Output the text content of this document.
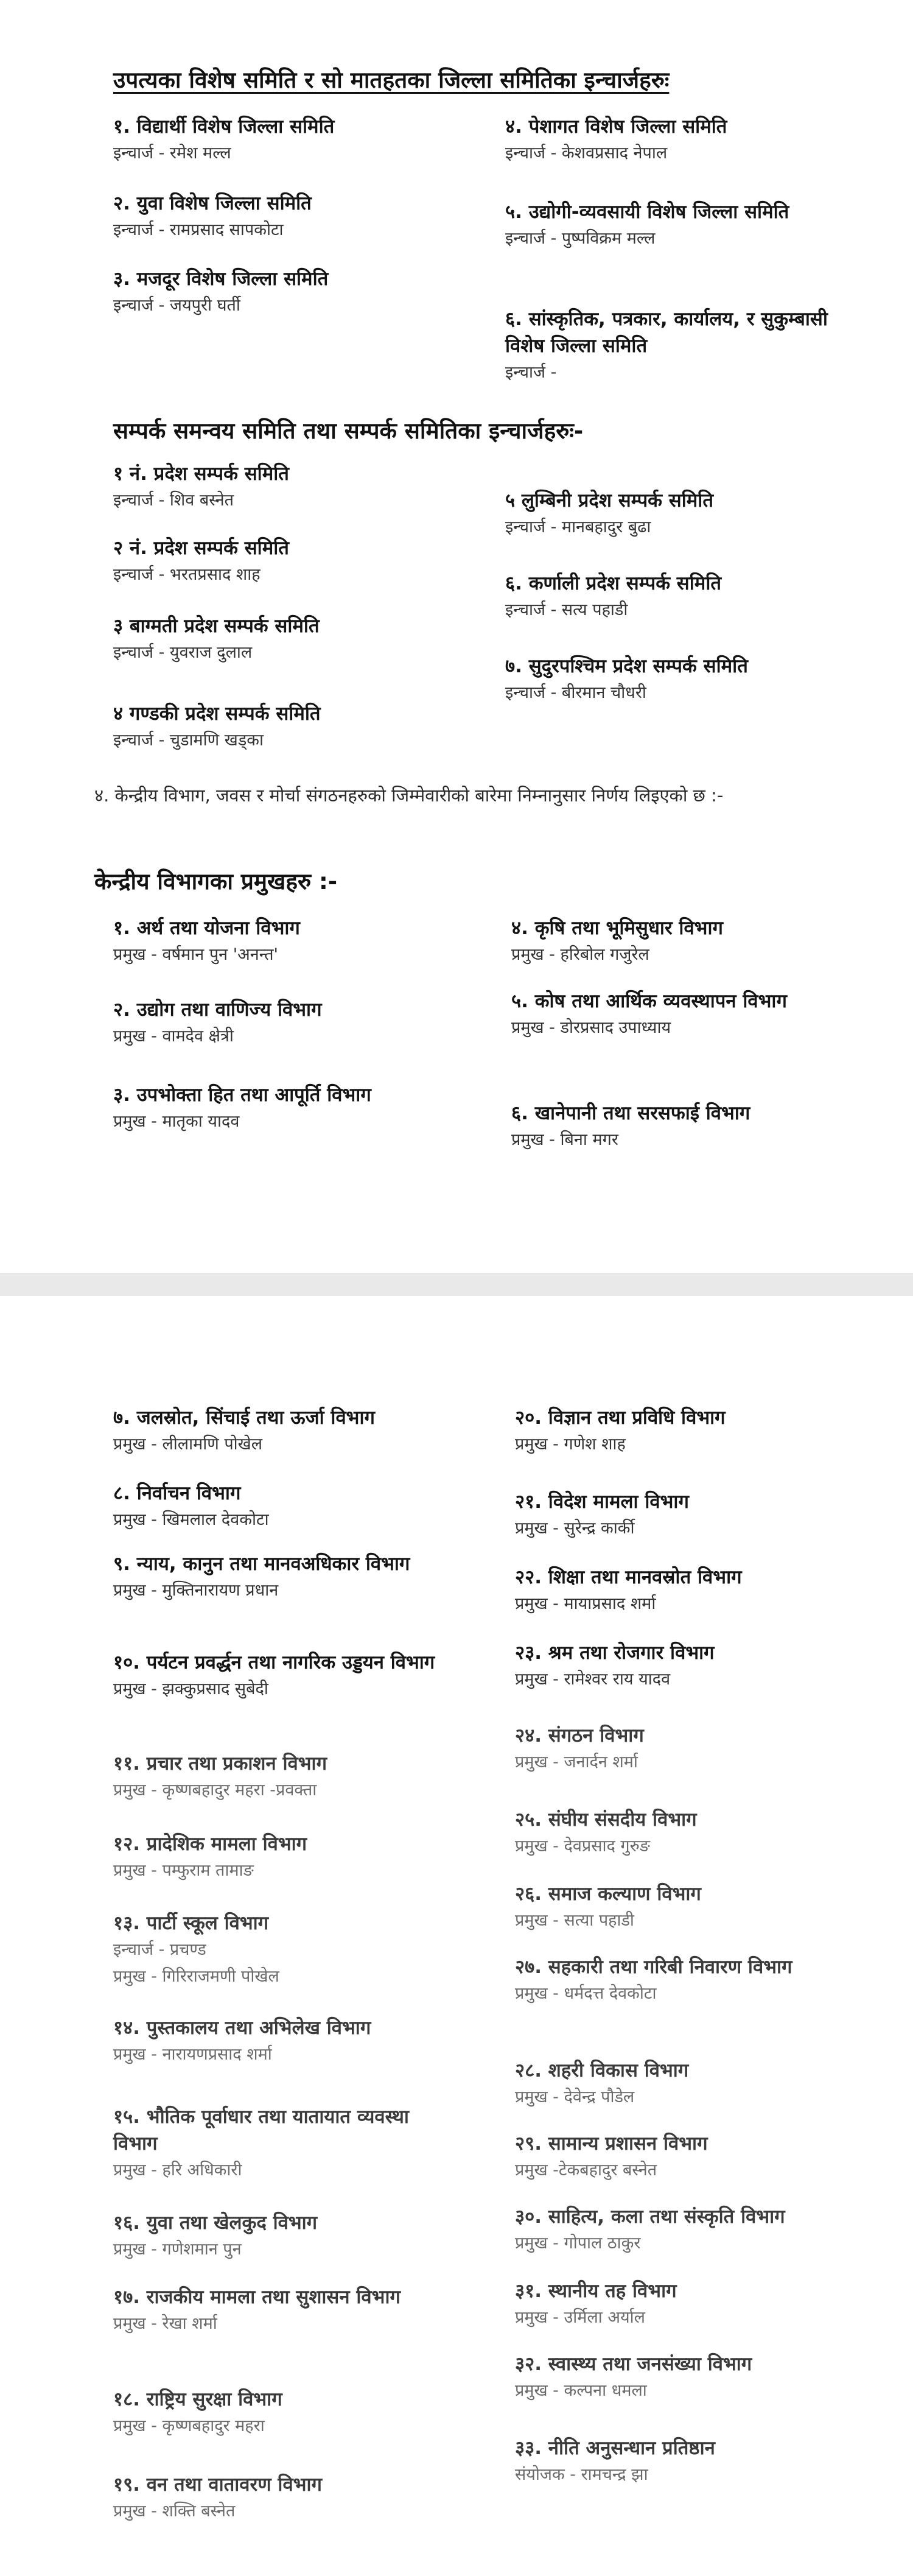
उपत्यका विशेष समिति र सो मातहतका जिल्ला समितिका इन्चार्जहरुः
१. विद्यार्थी विशेष जिल्ला समिति
इन्चार्ज - रमेश मल्ल
२. युवा विशेष जिल्ला समिति
इन्चार्ज - रामप्रसाद सापकोटा
३. मजदूर विशेष जिल्ला समिति
इन्चार्ज - जयपुरी घर्ती
४. पेशागत विशेष जिल्ला समिति
इन्चार्ज - केशवप्रसाद नेपाल
५. उद्योगी-व्यवसायी विशेष जिल्ला समिति
इन्चार्ज - पुष्पविक्रम मल्ल
६. सांस्कृतिक, पत्रकार, कार्यालय, र सुकुम्बासी विशेष जिल्ला समिति
इन्चार्ज -
सम्पर्क समन्वय समिति तथा सम्पर्क समितिका इन्चार्जहरुः-
१ नं. प्रदेश सम्पर्क समिति
इन्चार्ज - शिव बस्नेत
२ नं. प्रदेश सम्पर्क समिति
इन्चार्ज - भरतप्रसाद शाह
३ बाग्मती प्रदेश सम्पर्क समिति
इन्चार्ज - युवराज दुलाल
४ गण्डकी प्रदेश सम्पर्क समिति
इन्चार्ज - चुडामणि खड्का
५ लुम्बिनी प्रदेश सम्पर्क समिति
इन्चार्ज - मानबहादुर बुढा
६. कर्णाली प्रदेश सम्पर्क समिति
इन्चार्ज - सत्य पहाडी
७. सुदुरपश्चिम प्रदेश सम्पर्क समिति
इन्चार्ज - बीरमान चौधरी
४. केन्द्रीय विभाग, जवस र मोर्चा संगठनहरुको जिम्मेवारीको बारेमा निम्नानुसार निर्णय लिइएको छ :-
केन्द्रीय विभागका प्रमुखहरु :-
१. अर्थ तथा योजना विभाग
प्रमुख - वर्षमान पुन 'अनन्त'
२. उद्योग तथा वाणिज्य विभाग
प्रमुख - वामदेव क्षेत्री
३. उपभोक्ता हित तथा आपूर्ति विभाग
प्रमुख - मातृका यादव
४. कृषि तथा भूमिसुधार विभाग
प्रमुख - हरिबोल गजुरेल
५. कोष तथा आर्थिक व्यवस्थापन विभाग
प्रमुख - डोरप्रसाद उपाध्याय
६. खानेपानी तथा सरसफाई विभाग
प्रमुख - बिना मगर
७. जलस्रोत, सिंचाई तथा ऊर्जा विभाग
प्रमुख - लीलामणि पोखेल
८. निर्वाचन विभाग
प्रमुख - खिमलाल देवकोटा
९. न्याय, कानुन तथा मानवअधिकार विभाग
प्रमुख - मुक्तिनारायण प्रधान
१०. पर्यटन प्रवर्द्धन तथा नागरिक उड्डयन विभाग
प्रमुख - झक्कुप्रसाद सुबेदी
११. प्रचार तथा प्रकाशन विभाग
प्रमुख - कृष्णबहादुर महरा -प्रवक्ता
१२. प्रादेशिक मामला विभाग
प्रमुख - पम्फुराम तामाङ
१३. पार्टी स्कूल विभाग
इन्चार्ज - प्रचण्ड
प्रमुख - गिरिराजमणी पोखेल
१४. पुस्तकालय तथा अभिलेख विभाग
प्रमुख - नारायणप्रसाद शर्मा
१५. भौतिक पूर्वाधार तथा यातायात व्यवस्था विभाग
प्रमुख - हरि अधिकारी
१६. युवा तथा खेलकुद विभाग
प्रमुख - गणेशमान पुन
१७. राजकीय मामला तथा सुशासन विभाग
प्रमुख - रेखा शर्मा
१८. राष्ट्रिय सुरक्षा विभाग
प्रमुख - कृष्णबहादुर महरा
१९. वन तथा वातावरण विभाग
प्रमुख - शक्ति बस्नेत
२०. विज्ञान तथा प्रविधि विभाग
प्रमुख - गणेश शाह
२१. विदेश मामला विभाग
प्रमुख - सुरेन्द्र कार्की
२२. शिक्षा तथा मानवस्रोत विभाग
प्रमुख - मायाप्रसाद शर्मा
२३. श्रम तथा रोजगार विभाग
प्रमुख - रामेश्वर राय यादव
२४. संगठन विभाग
प्रमुख - जनार्दन शर्मा
२५. संघीय संसदीय विभाग
प्रमुख - देवप्रसाद गुरुङ
२६. समाज कल्याण विभाग
प्रमुख - सत्या पहाडी
२७. सहकारी तथा गरिबी निवारण विभाग
प्रमुख - धर्मदत्त देवकोटा
२८. शहरी विकास विभाग
प्रमुख - देवेन्द्र पौडेल
२९. सामान्य प्रशासन विभाग
प्रमुख -टेकबहादुर बस्नेत
३०. साहित्य, कला तथा संस्कृति विभाग
प्रमुख - गोपाल ठाकुर
३१. स्थानीय तह विभाग
प्रमुख - उर्मिला अर्याल
३२. स्वास्थ्य तथा जनसंख्या विभाग
प्रमुख - कल्पना धमला
३३. नीति अनुसन्धान प्रतिष्ठान
संयोजक - रामचन्द्र झा
